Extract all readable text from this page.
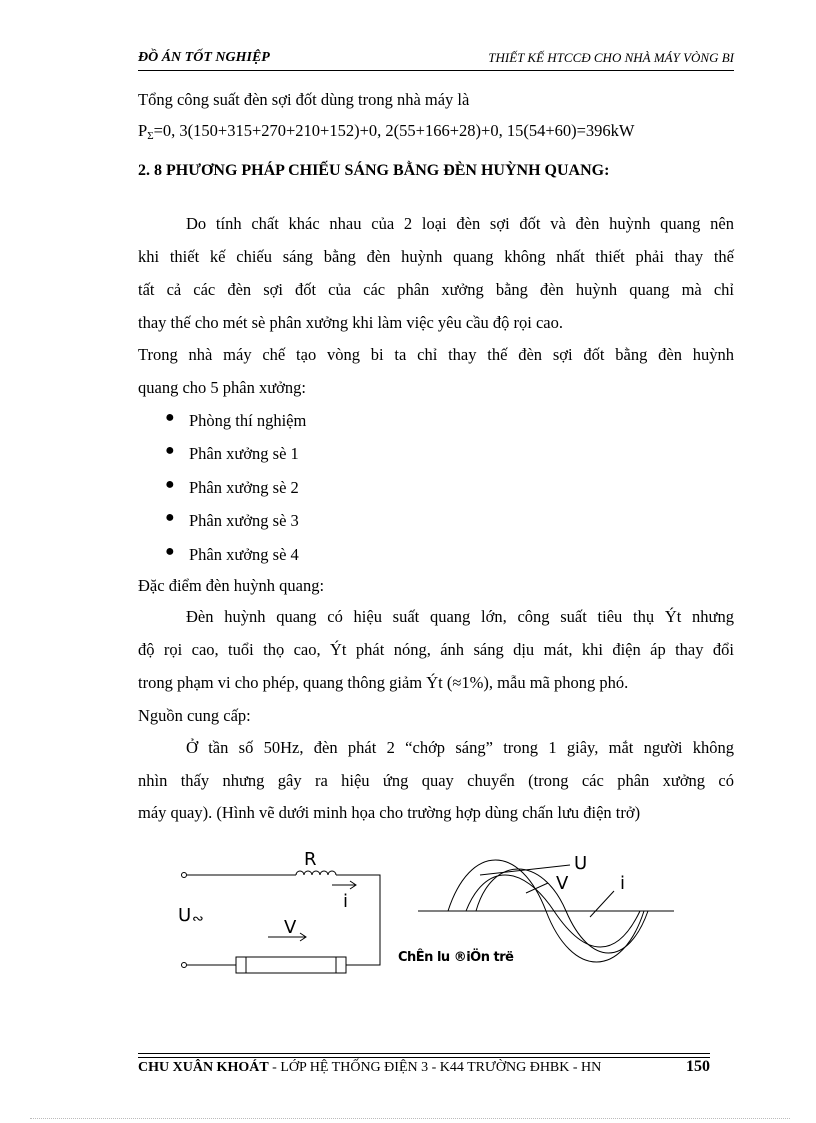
ĐỒ ÁN TỐT NGHIỆP	THIẾT KẾ HTCCĐ CHO NHÀ MÁY VÒNG BI
Tổng công suất đèn sợi đốt dùng trong nhà máy là
$P_\Sigma=0$, 3(150+315+270+210+152)+0, 2(55+166+28)+0, 15(54+60)=396kW
2. 8 PHƯƠNG PHÁP CHIẾU SÁNG BẰNG ĐÈN HUỲNH QUANG:
Do tính chất khác nhau của 2 loại đèn sợi đốt và đèn huỳnh quang nên
khi thiết kế chiếu sáng bằng đèn huỳnh quang không nhất thiết phải thay thế
tất cả các đèn sợi đốt của các phân xưởng bằng đèn huỳnh quang mà chỉ
thay thế cho mét sè phân xưởng khi làm việc yêu cầu độ rọi cao.
Trong nhà máy chế tạo vòng bi ta chỉ thay thế đèn sợi đốt bằng đèn huỳnh
quang cho 5 phân xưởng:
● Phòng thí nghiệm
● Phân xưởng sè 1
● Phân xưởng sè 2
● Phân xưởng sè 3
● Phân xưởng sè 4
Đặc điểm đèn huỳnh quang:
Đèn huỳnh quang có hiệu suất quang lớn, công suất tiêu thụ Ýt nhưng
độ rọi cao, tuổi thọ cao, Ýt phát nóng, ánh sáng dịu mát, khi điện áp thay đổi
trong phạm vi cho phép, quang thông giảm Ýt (≈1%), mẫu mã phong phó.
Nguồn cung cấp:
Ở tần số 50Hz, đèn phát 2 “chớp sáng” trong 1 giây, mắt người không
nhìn thấy nhưng gây ra hiệu ứng quay chuyển (trong các phân xưởng có
máy quay). (Hình vẽ dưới minh họa cho trường hợp dùng chấn lưu điện trở)
R
i
U ∾	V
U
V	i
ChÊn lu ®iÖn trë
CHU XUÂN KHOÁT - LỚP HỆ THỐNG ĐIỆN 3 - K44 TRƯỜNG ĐHBK - HN	150
